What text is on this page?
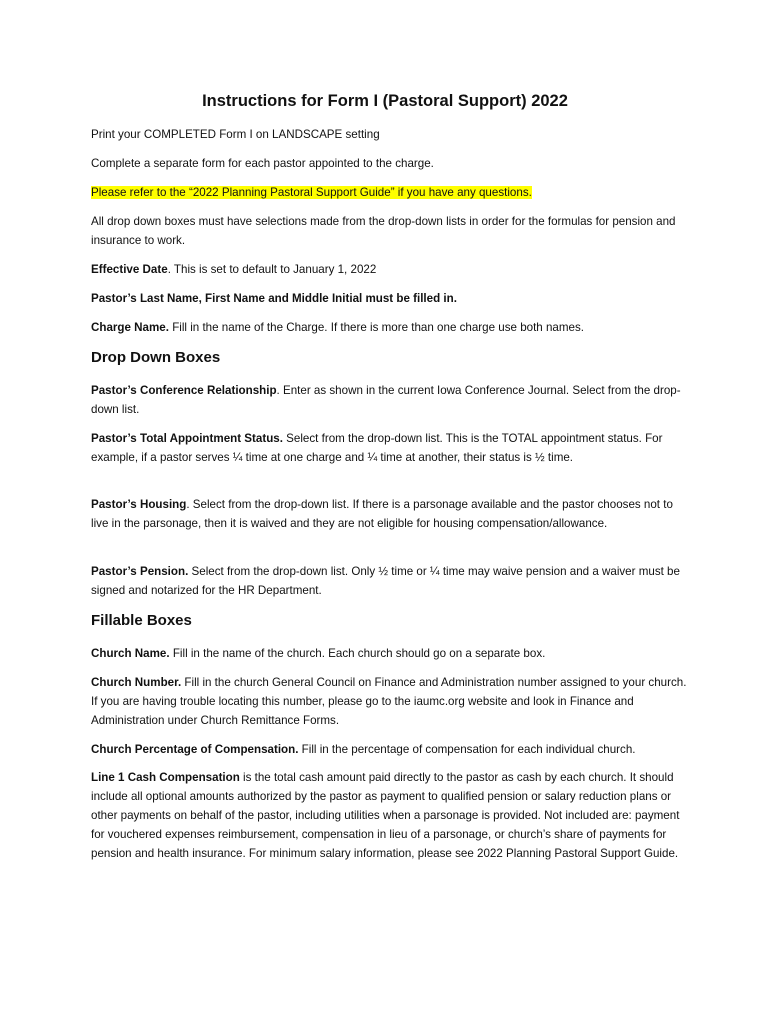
Instructions for Form I (Pastoral Support) 2022

Print your COMPLETED Form I on LANDSCAPE setting

Complete a separate form for each pastor appointed to the charge.

Please refer to the “2022 Planning Pastoral Support Guide” if you have any questions.

All drop down boxes must have selections made from the drop-down lists in order for the formulas for pension and insurance to work.

Effective Date. This is set to default to January 1, 2022

Pastor’s Last Name, First Name and Middle Initial must be filled in.

Charge Name. Fill in the name of the Charge. If there is more than one charge use both names.

Drop Down Boxes

Pastor’s Conference Relationship. Enter as shown in the current Iowa Conference Journal. Select from the drop-down list.

Pastor’s Total Appointment Status. Select from the drop-down list. This is the TOTAL appointment status. For example, if a pastor serves ¼ time at one charge and ¼ time at another, their status is ½ time.

Pastor’s Housing. Select from the drop-down list. If there is a parsonage available and the pastor chooses not to live in the parsonage, then it is waived and they are not eligible for housing compensation/allowance.

Pastor’s Pension. Select from the drop-down list. Only ½ time or ¼ time may waive pension and a waiver must be signed and notarized for the HR Department.

Fillable Boxes

Church Name. Fill in the name of the church. Each church should go on a separate box.

Church Number. Fill in the church General Council on Finance and Administration number assigned to your church. If you are having trouble locating this number, please go to the iaumc.org website and look in Finance and Administration under Church Remittance Forms.

Church Percentage of Compensation. Fill in the percentage of compensation for each individual church.

Line 1 Cash Compensation is the total cash amount paid directly to the pastor as cash by each church. It should include all optional amounts authorized by the pastor as payment to qualified pension or salary reduction plans or other payments on behalf of the pastor, including utilities when a parsonage is provided. Not included are: payment for vouchered expenses reimbursement, compensation in lieu of a parsonage, or church’s share of payments for pension and health insurance. For minimum salary information, please see 2022 Planning Pastoral Support Guide.
